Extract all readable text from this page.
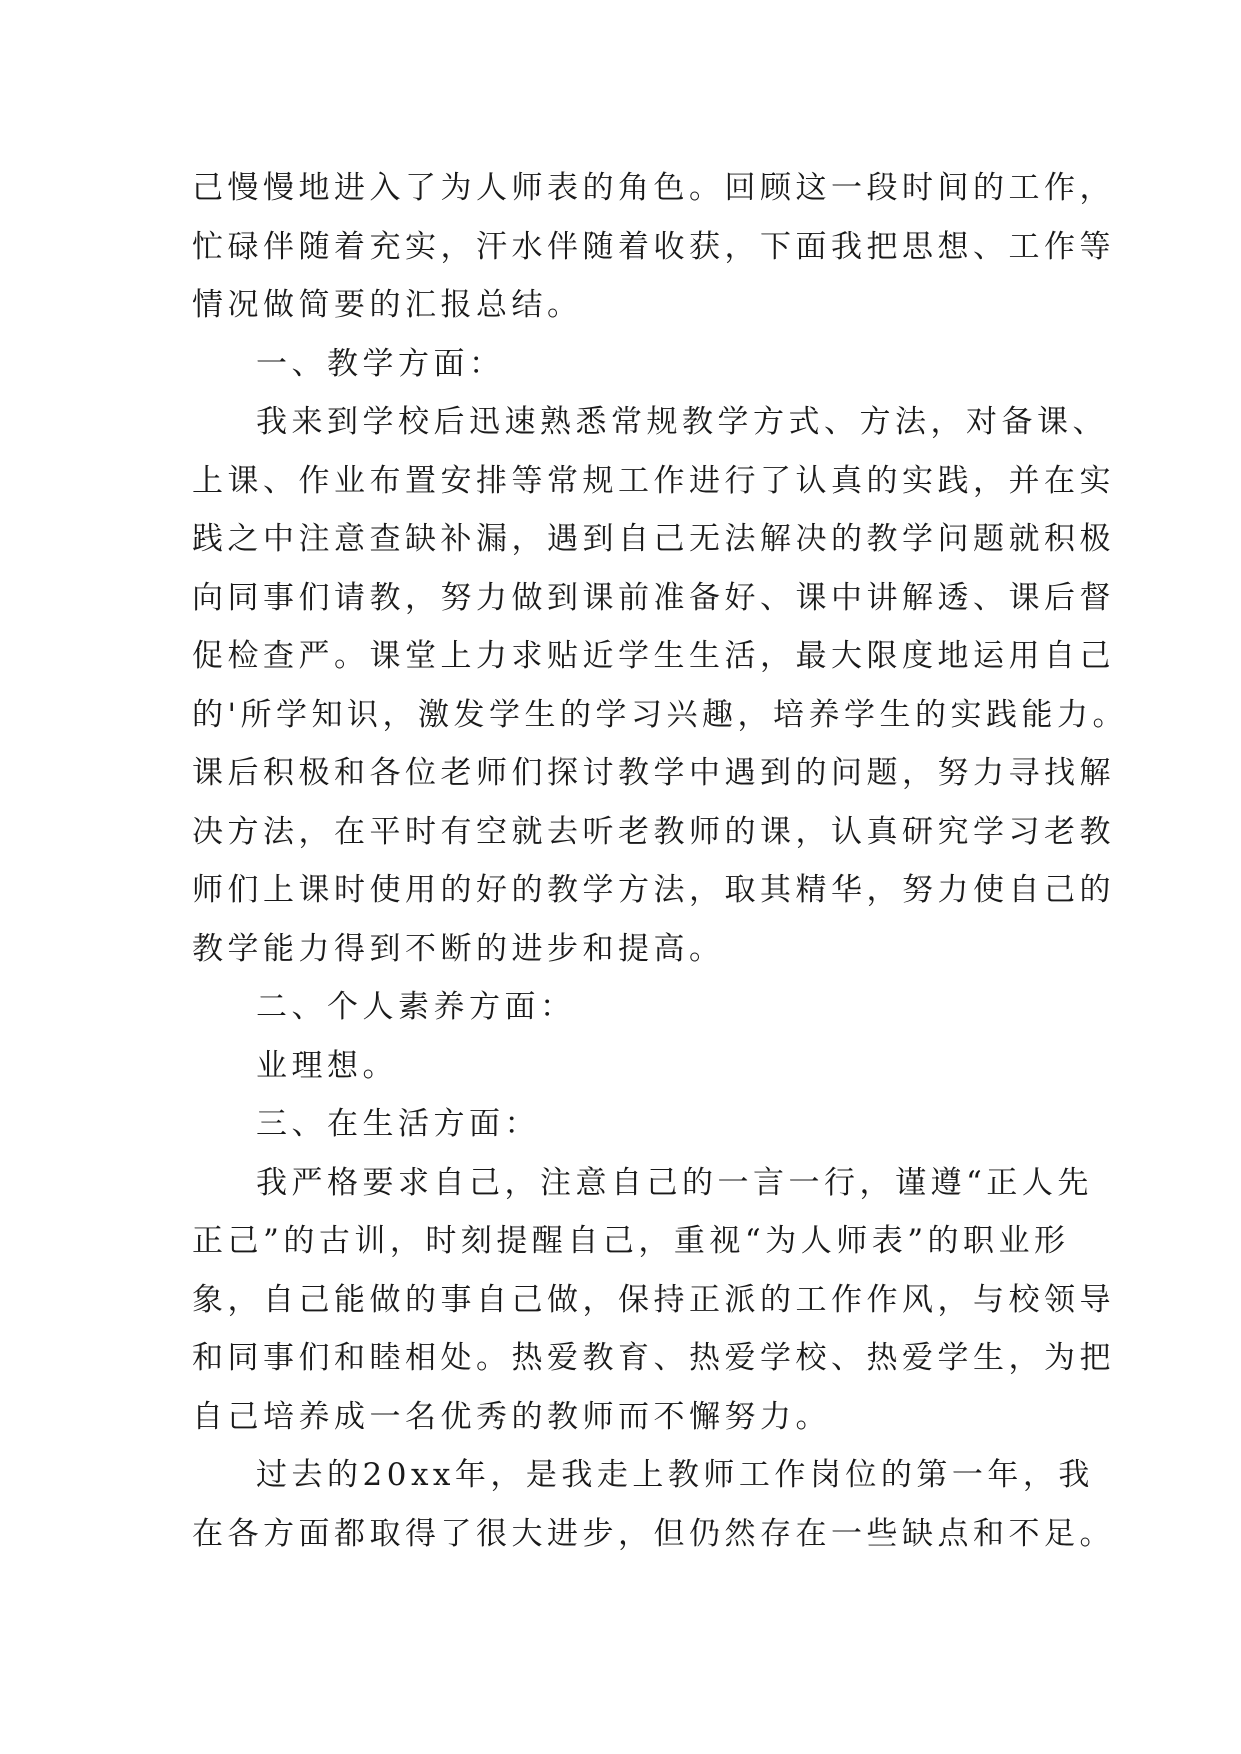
己慢慢地进入了为人师表的角色。回顾这一段时间的工作，
忙碌伴随着充实，汗水伴随着收获，下面我把思想、工作等
情况做简要的汇报总结。
一、教学方面：
我来到学校后迅速熟悉常规教学方式、方法，对备课、
上课、作业布置安排等常规工作进行了认真的实践，并在实
践之中注意查缺补漏，遇到自己无法解决的教学问题就积极
向同事们请教，努力做到课前准备好、课中讲解透、课后督
促检查严。课堂上力求贴近学生生活，最大限度地运用自己
的'所学知识，激发学生的学习兴趣，培养学生的实践能力。
课后积极和各位老师们探讨教学中遇到的问题，努力寻找解
决方法，在平时有空就去听老教师的课，认真研究学习老教
师们上课时使用的好的教学方法，取其精华，努力使自己的
教学能力得到不断的进步和提高。
二、个人素养方面：
业理想。
三、在生活方面：
我严格要求自己，注意自己的一言一行，谨遵“正人先
正己”的古训，时刻提醒自己，重视“为人师表”的职业形
象，自己能做的事自己做，保持正派的工作作风，与校领导
和同事们和睦相处。热爱教育、热爱学校、热爱学生，为把
自己培养成一名优秀的教师而不懈努力。
过去的20xx年，是我走上教师工作岗位的第一年，我
在各方面都取得了很大进步，但仍然存在一些缺点和不足。
